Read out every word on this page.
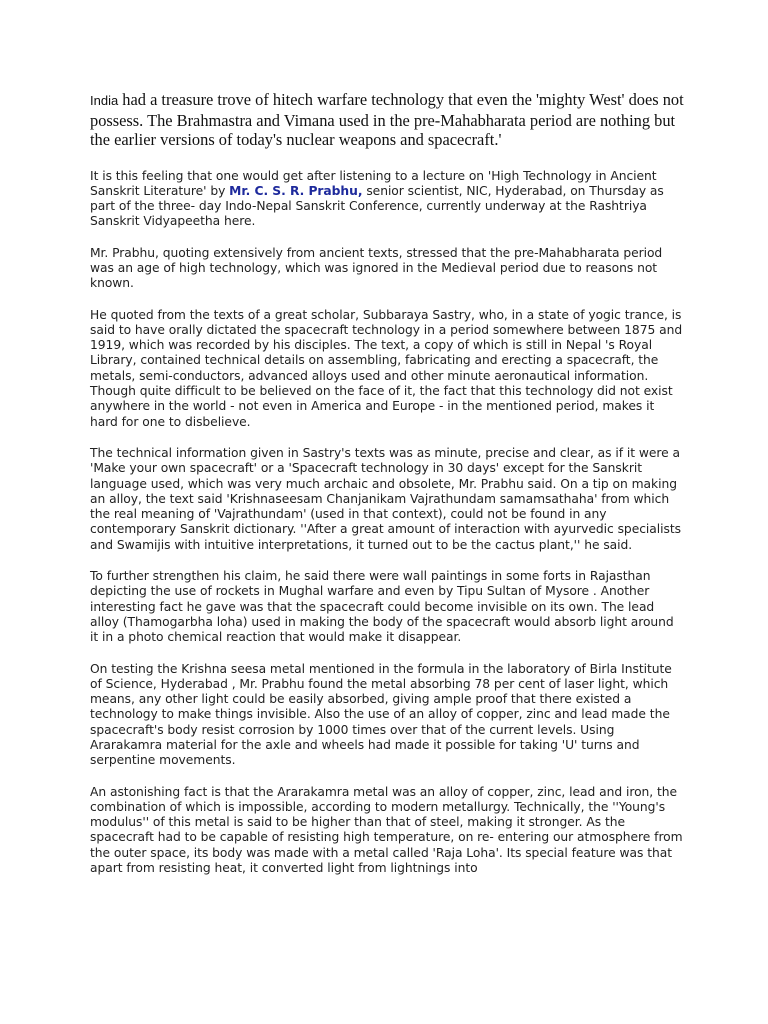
India had a treasure trove of hitech warfare technology that even the 'mighty West' does not possess. The Brahmastra and Vimana used in the pre-Mahabharata period are nothing but the earlier versions of today's nuclear weapons and spacecraft.'

It is this feeling that one would get after listening to a lecture on 'High Technology in Ancient Sanskrit Literature' by Mr. C. S. R. Prabhu, senior scientist, NIC, Hyderabad, on Thursday as part of the three- day Indo-Nepal Sanskrit Conference, currently underway at the Rashtriya Sanskrit Vidyapeetha here.

Mr. Prabhu, quoting extensively from ancient texts, stressed that the pre-Mahabharata period was an age of high technology, which was ignored in the Medieval period due to reasons not known.

He quoted from the texts of a great scholar, Subbaraya Sastry, who, in a state of yogic trance, is said to have orally dictated the spacecraft technology in a period somewhere between 1875 and 1919, which was recorded by his disciples. The text, a copy of which is still in Nepal 's Royal Library, contained technical details on assembling, fabricating and erecting a spacecraft, the metals, semi-conductors, advanced alloys used and other minute aeronautical information. Though quite difficult to be believed on the face of it, the fact that this technology did not exist anywhere in the world - not even in America and Europe - in the mentioned period, makes it hard for one to disbelieve.

The technical information given in Sastry's texts was as minute, precise and clear, as if it were a 'Make your own spacecraft' or a 'Spacecraft technology in 30 days' except for the Sanskrit language used, which was very much archaic and obsolete, Mr. Prabhu said. On a tip on making an alloy, the text said 'Krishnaseesam Chanjanikam Vajrathundam samamsathaha' from which the real meaning of 'Vajrathundam' (used in that context), could not be found in any contemporary Sanskrit dictionary. ''After a great amount of interaction with ayurvedic specialists and Swamijis with intuitive interpretations, it turned out to be the cactus plant,'' he said.

To further strengthen his claim, he said there were wall paintings in some forts in Rajasthan depicting the use of rockets in Mughal warfare and even by Tipu Sultan of Mysore . Another interesting fact he gave was that the spacecraft could become invisible on its own. The lead alloy (Thamogarbha loha) used in making the body of the spacecraft would absorb light around it in a photo chemical reaction that would make it disappear.

On testing the Krishna seesa metal mentioned in the formula in the laboratory of Birla Institute of Science, Hyderabad , Mr. Prabhu found the metal absorbing 78 per cent of laser light, which means, any other light could be easily absorbed, giving ample proof that there existed a technology to make things invisible. Also the use of an alloy of copper, zinc and lead made the spacecraft's body resist corrosion by 1000 times over that of the current levels. Using Ararakamra material for the axle and wheels had made it possible for taking 'U' turns and serpentine movements.

An astonishing fact is that the Ararakamra metal was an alloy of copper, zinc, lead and iron, the combination of which is impossible, according to modern metallurgy. Technically, the ''Young's modulus'' of this metal is said to be higher than that of steel, making it stronger. As the spacecraft had to be capable of resisting high temperature, on re- entering our atmosphere from the outer space, its body was made with a metal called 'Raja Loha'. Its special feature was that apart from resisting heat, it converted light from lightnings into
